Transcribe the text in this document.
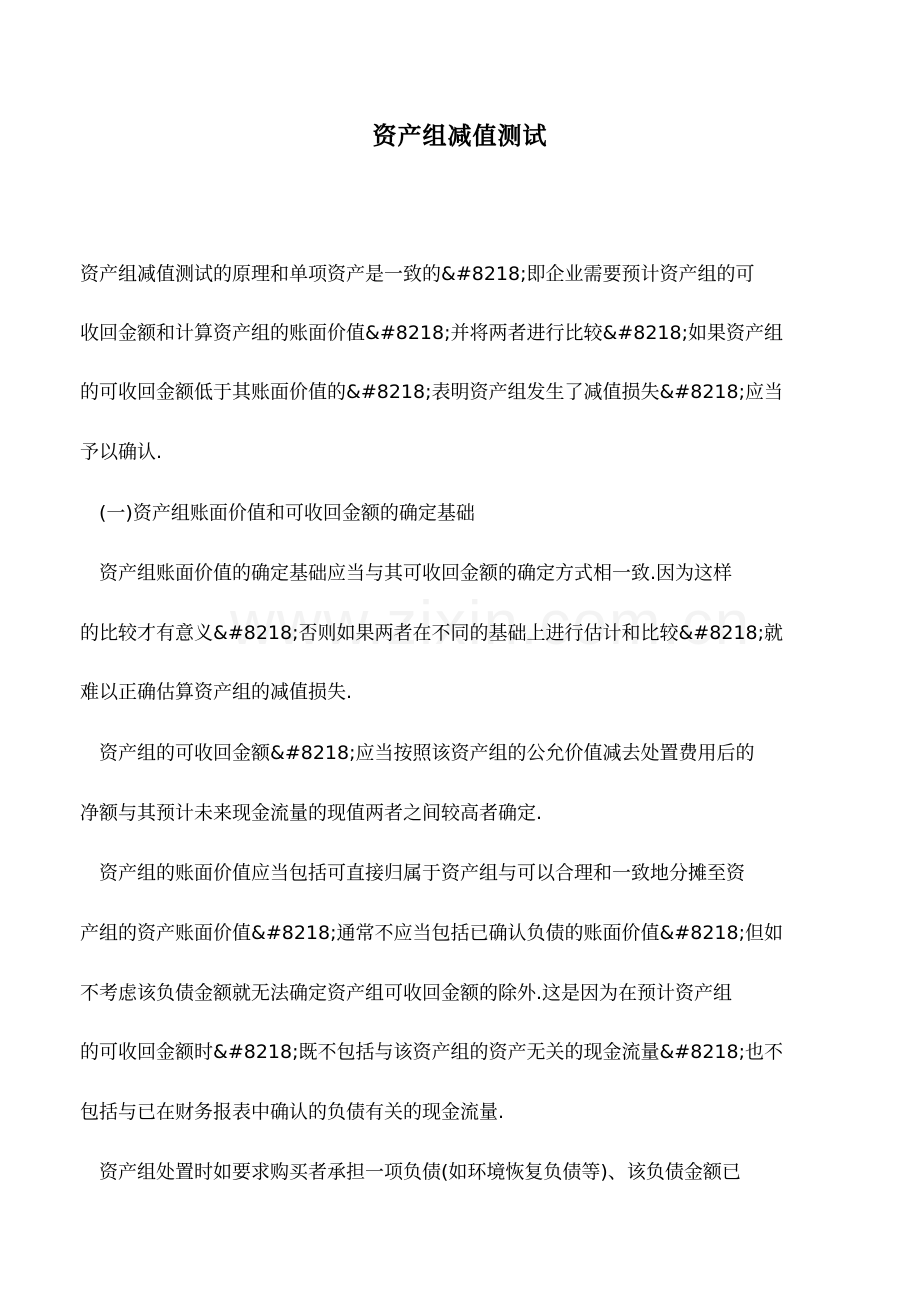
资产组减值测试
资产组减值测试的原理和单项资产是一致的&#8218;即企业需要预计资产组的可
收回金额和计算资产组的账面价值&#8218;并将两者进行比较&#8218;如果资产组
的可收回金额低于其账面价值的&#8218;表明资产组发生了减值损失&#8218;应当
予以确认.
　(一)资产组账面价值和可收回金额的确定基础
　资产组账面价值的确定基础应当与其可收回金额的确定方式相一致.因为这样
的比较才有意义&#8218;否则如果两者在不同的基础上进行估计和比较&#8218;就
难以正确估算资产组的减值损失.
　资产组的可收回金额&#8218;应当按照该资产组的公允价值减去处置费用后的
净额与其预计未来现金流量的现值两者之间较高者确定.
　资产组的账面价值应当包括可直接归属于资产组与可以合理和一致地分摊至资
产组的资产账面价值&#8218;通常不应当包括已确认负债的账面价值&#8218;但如
不考虑该负债金额就无法确定资产组可收回金额的除外.这是因为在预计资产组
的可收回金额时&#8218;既不包括与该资产组的资产无关的现金流量&#8218;也不
包括与已在财务报表中确认的负债有关的现金流量.
　资产组处置时如要求购买者承担一项负债(如环境恢复负债等)、该负债金额已
